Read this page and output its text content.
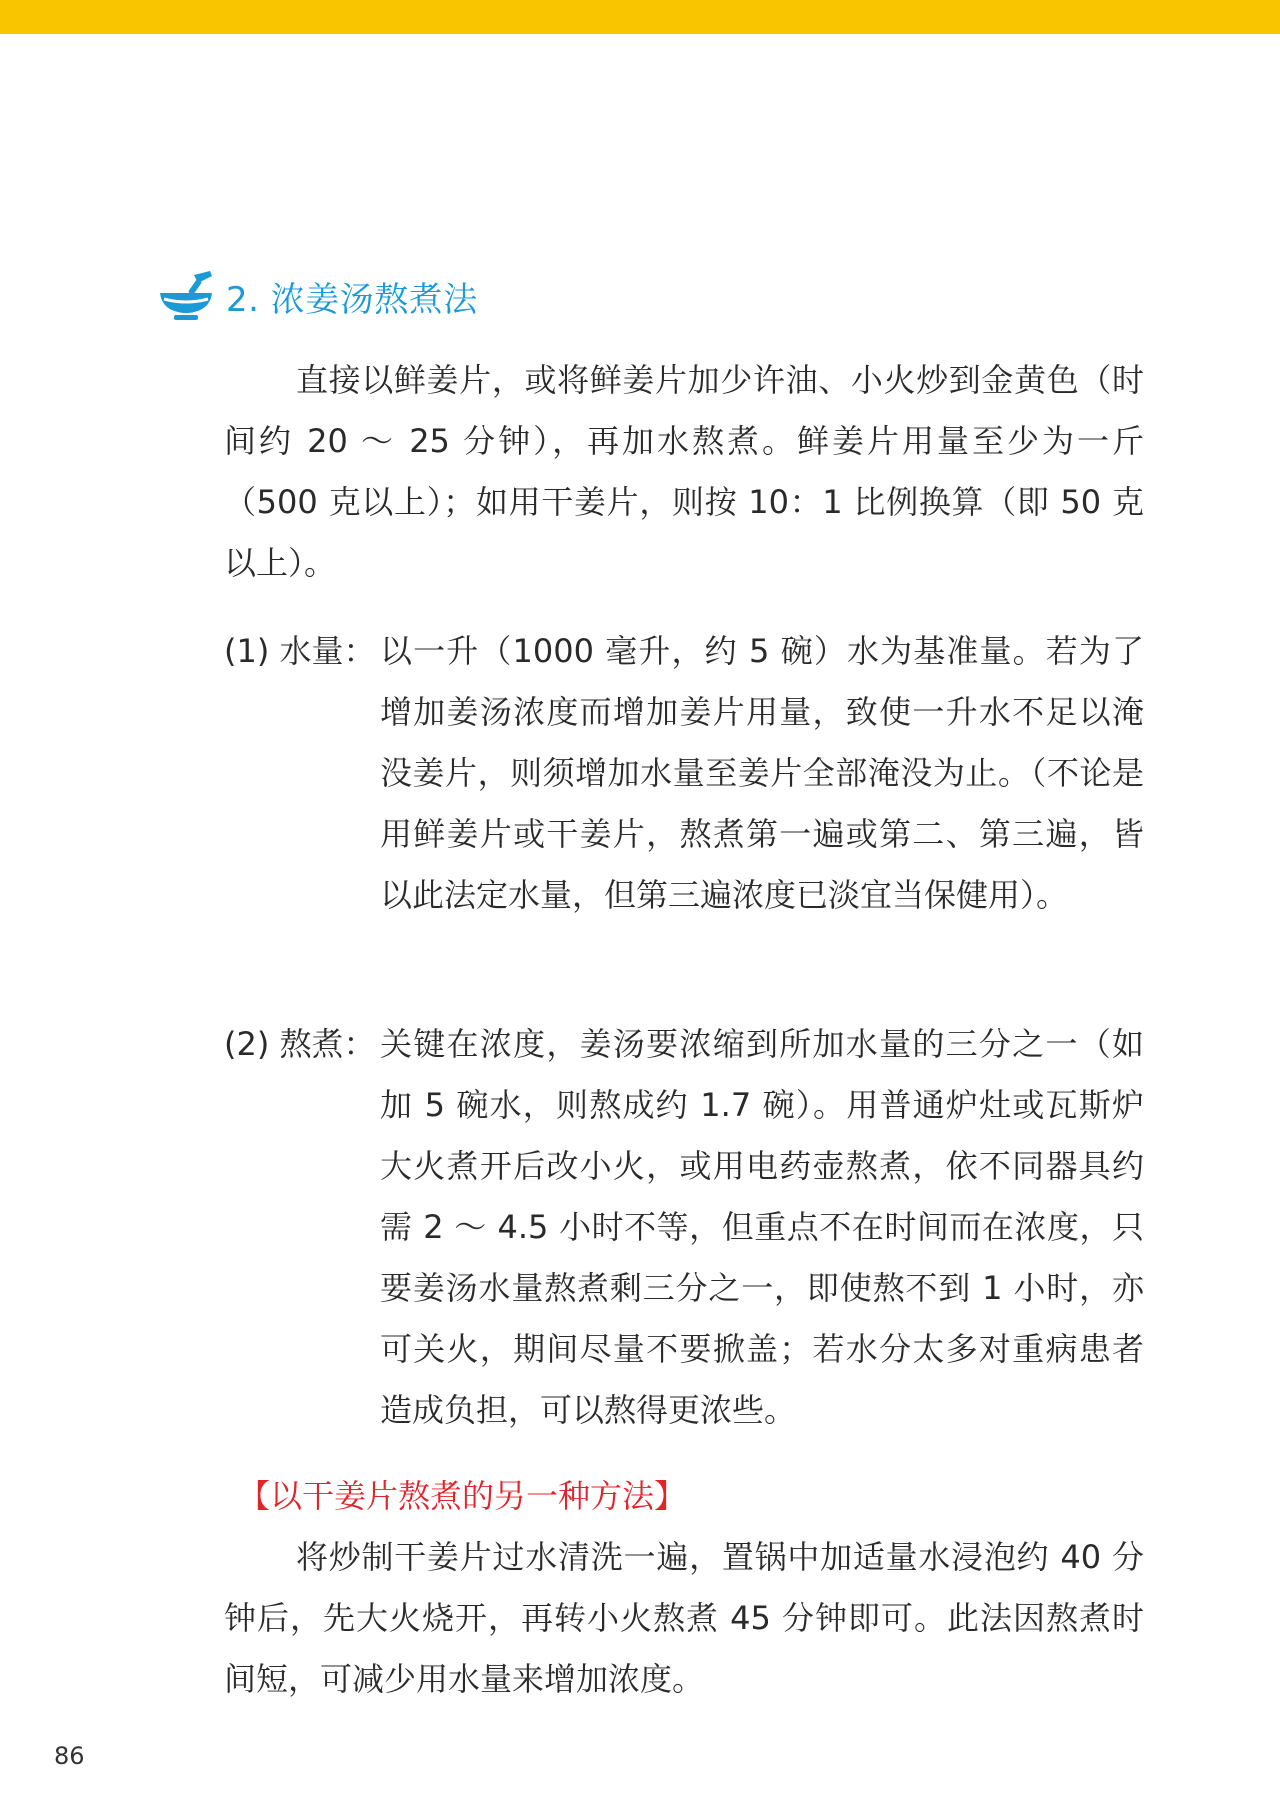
2. 浓姜汤熬煮法

直接以鲜姜片，或将鲜姜片加少许油、小火炒到金黄色（时间约 20 ～ 25 分钟），再加水熬煮。鲜姜片用量至少为一斤（500 克以上）；如用干姜片，则按 10：1 比例换算（即 50 克以上）。

(1) 水量： 以一升（1000 毫升，约 5 碗）水为基准量。若为了增加姜汤浓度而增加姜片用量，致使一升水不足以淹没姜片，则须增加水量至姜片全部淹没为止。（不论是用鲜姜片或干姜片，熬煮第一遍或第二、第三遍，皆以此法定水量，但第三遍浓度已淡宜当保健用）。
(2) 熬煮： 关键在浓度，姜汤要浓缩到所加水量的三分之一（如加 5 碗水，则熬成约 1.7 碗）。用普通炉灶或瓦斯炉大火煮开后改小火，或用电药壶熬煮，依不同器具约需 2 ～ 4.5 小时不等，但重点不在时间而在浓度，只要姜汤水量熬煮剩三分之一，即使熬不到 1 小时，亦可关火，期间尽量不要掀盖；若水分太多对重病患者造成负担，可以熬得更浓些。
【以干姜片熬煮的另一种方法】

将炒制干姜片过水清洗一遍，置锅中加适量水浸泡约 40 分钟后，先大火烧开，再转小火熬煮 45 分钟即可。此法因熬煮时间短，可减少用水量来增加浓度。

86
